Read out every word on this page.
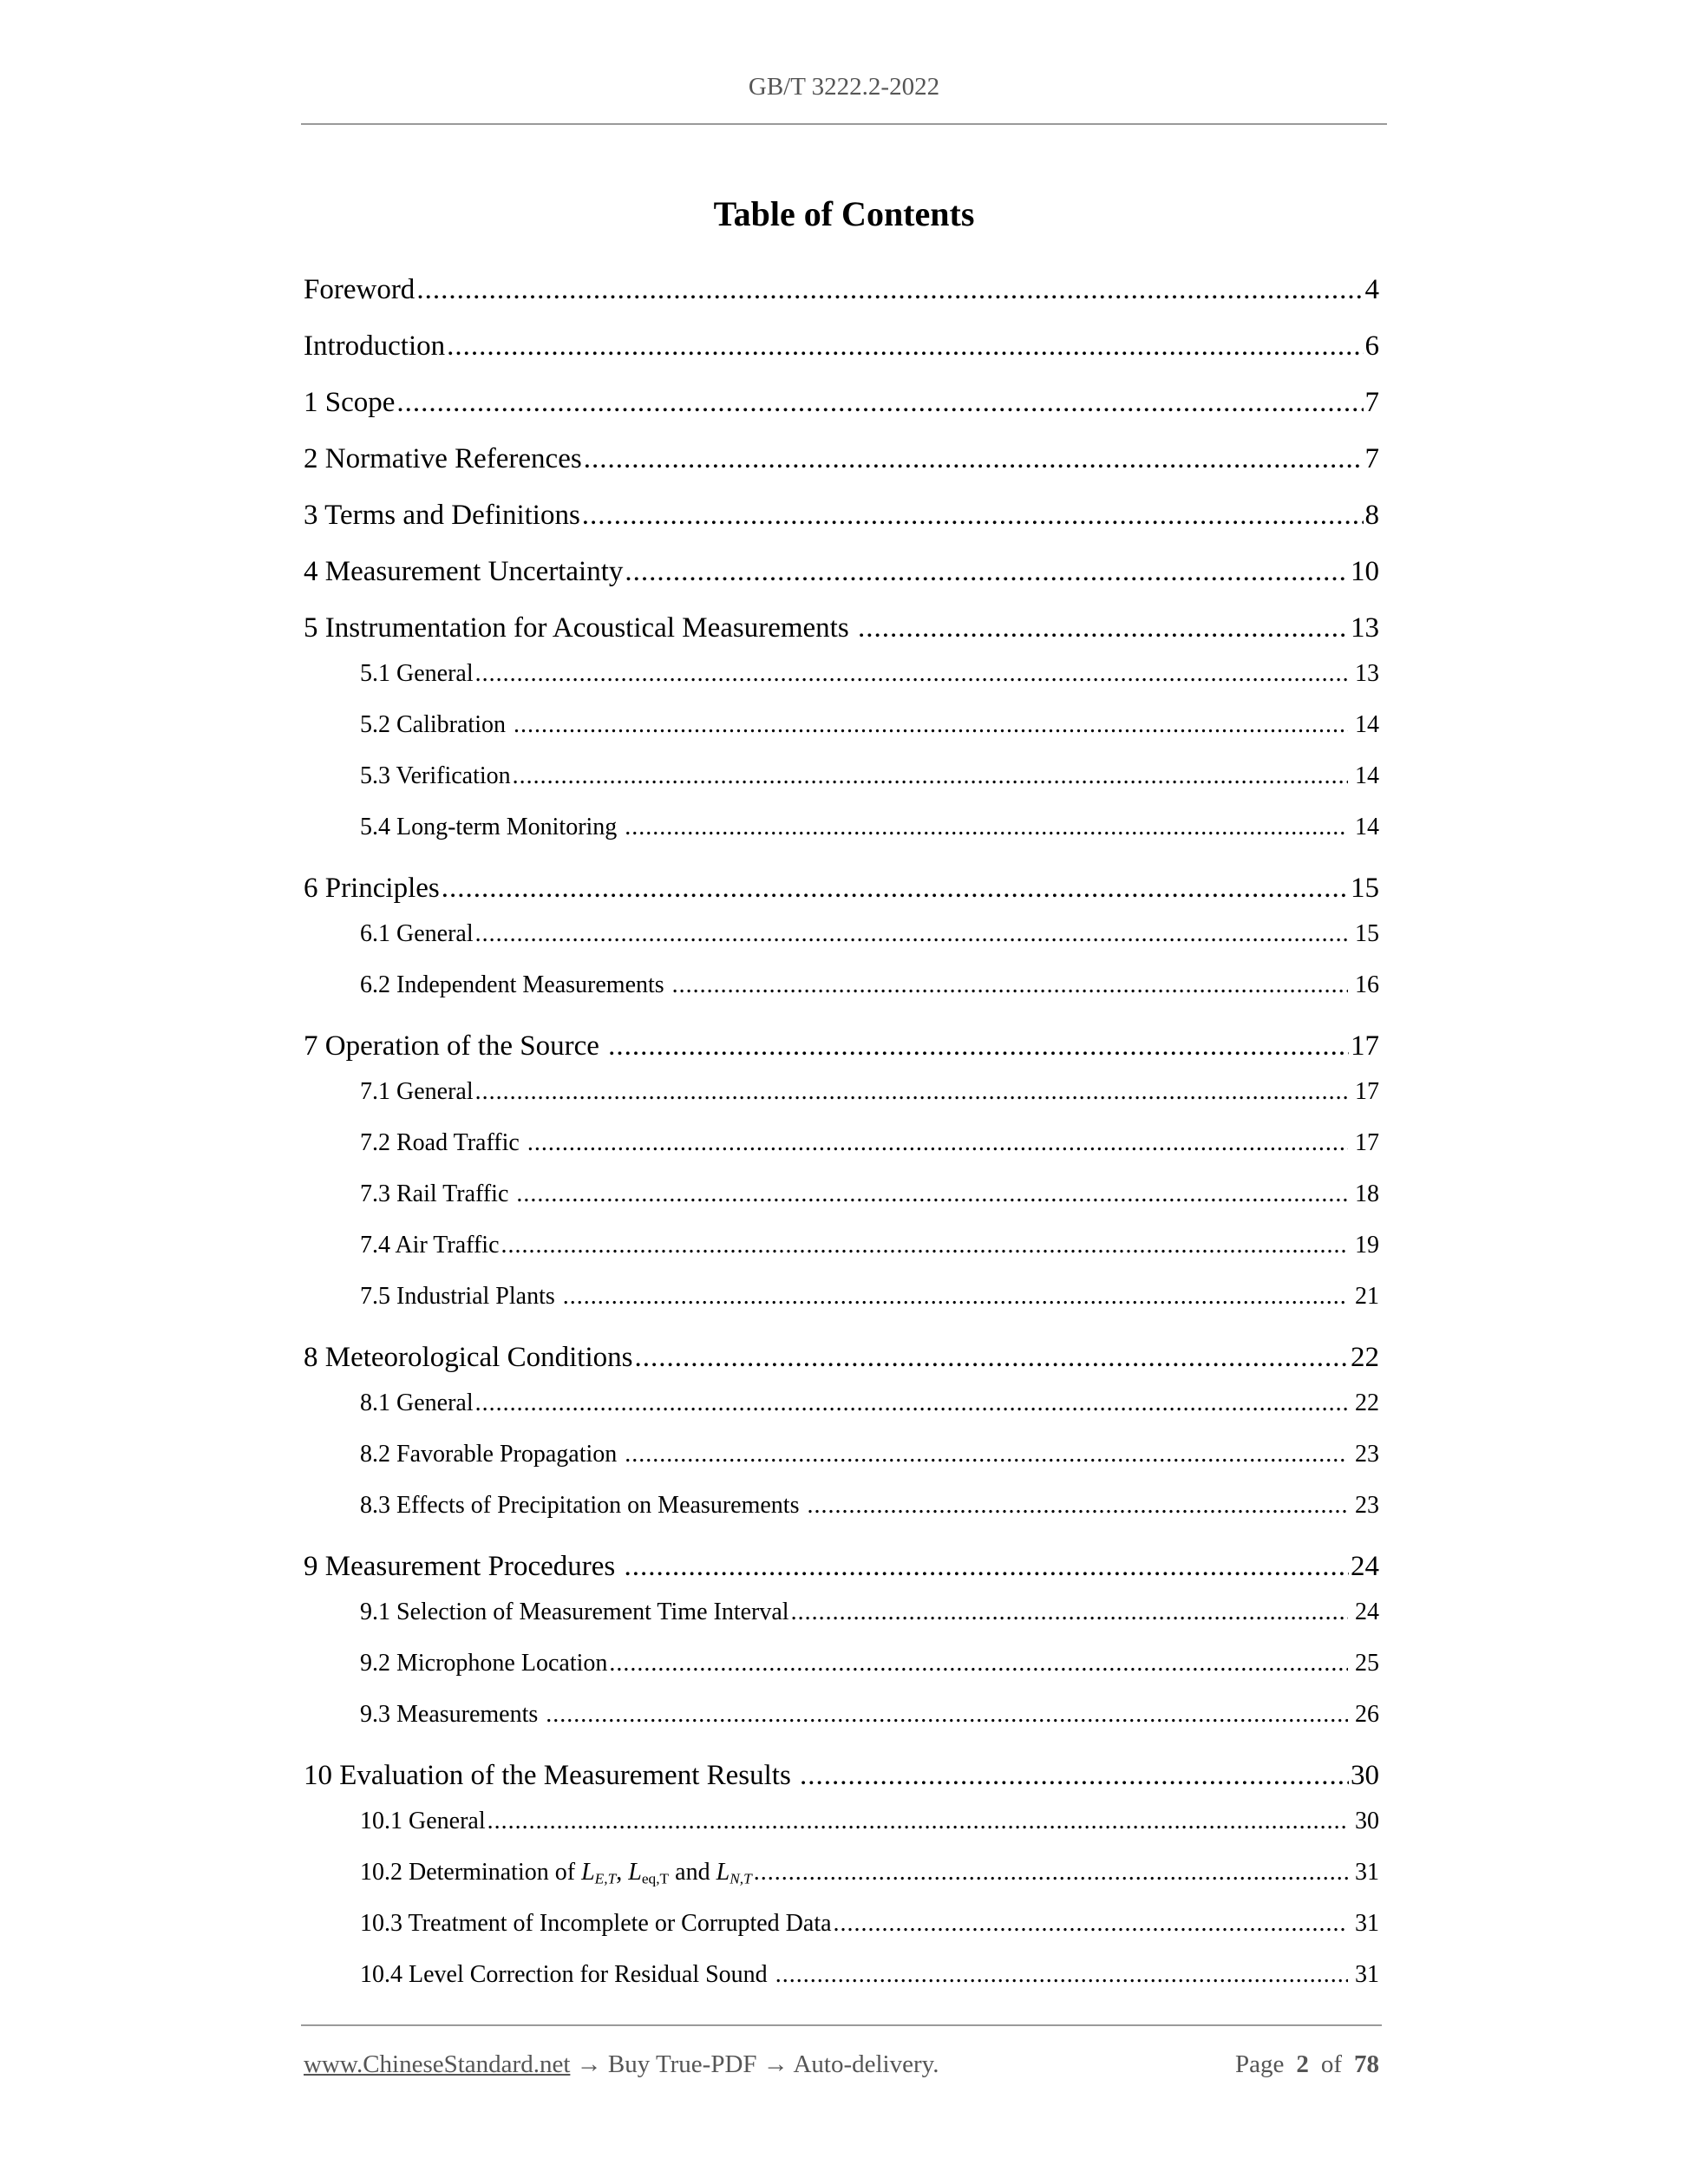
GB/T 3222.2-2022
Table of Contents
Foreword .....	4
Introduction .....	6
1 Scope .....	7
2 Normative References .....	7
3 Terms and Definitions .....	8
4 Measurement Uncertainty .....	10
5 Instrumentation for Acoustical Measurements .....	13
5.1 General .....	13
5.2 Calibration .....	14
5.3 Verification .....	14
5.4 Long-term Monitoring .....	14
6 Principles .....	15
6.1 General .....	15
6.2 Independent Measurements .....	16
7 Operation of the Source .....	17
7.1 General .....	17
7.2 Road Traffic .....	17
7.3 Rail Traffic .....	18
7.4 Air Traffic .....	19
7.5 Industrial Plants .....	21
8 Meteorological Conditions .....	22
8.1 General .....	22
8.2 Favorable Propagation .....	23
8.3 Effects of Precipitation on Measurements .....	23
9 Measurement Procedures .....	24
9.1 Selection of Measurement Time Interval .....	24
9.2 Microphone Location .....	25
9.3 Measurements .....	26
10 Evaluation of the Measurement Results .....	30
10.1 General .....	30
10.2 Determination of $L_{E,T}$, $L_{eq,T}$ and $L_{N,T}$ .....	31
10.3 Treatment of Incomplete or Corrupted Data .....	31
10.4 Level Correction for Residual Sound .....	31
www.ChineseStandard.net → Buy True-PDF → Auto-delivery.	Page 2 of 78
